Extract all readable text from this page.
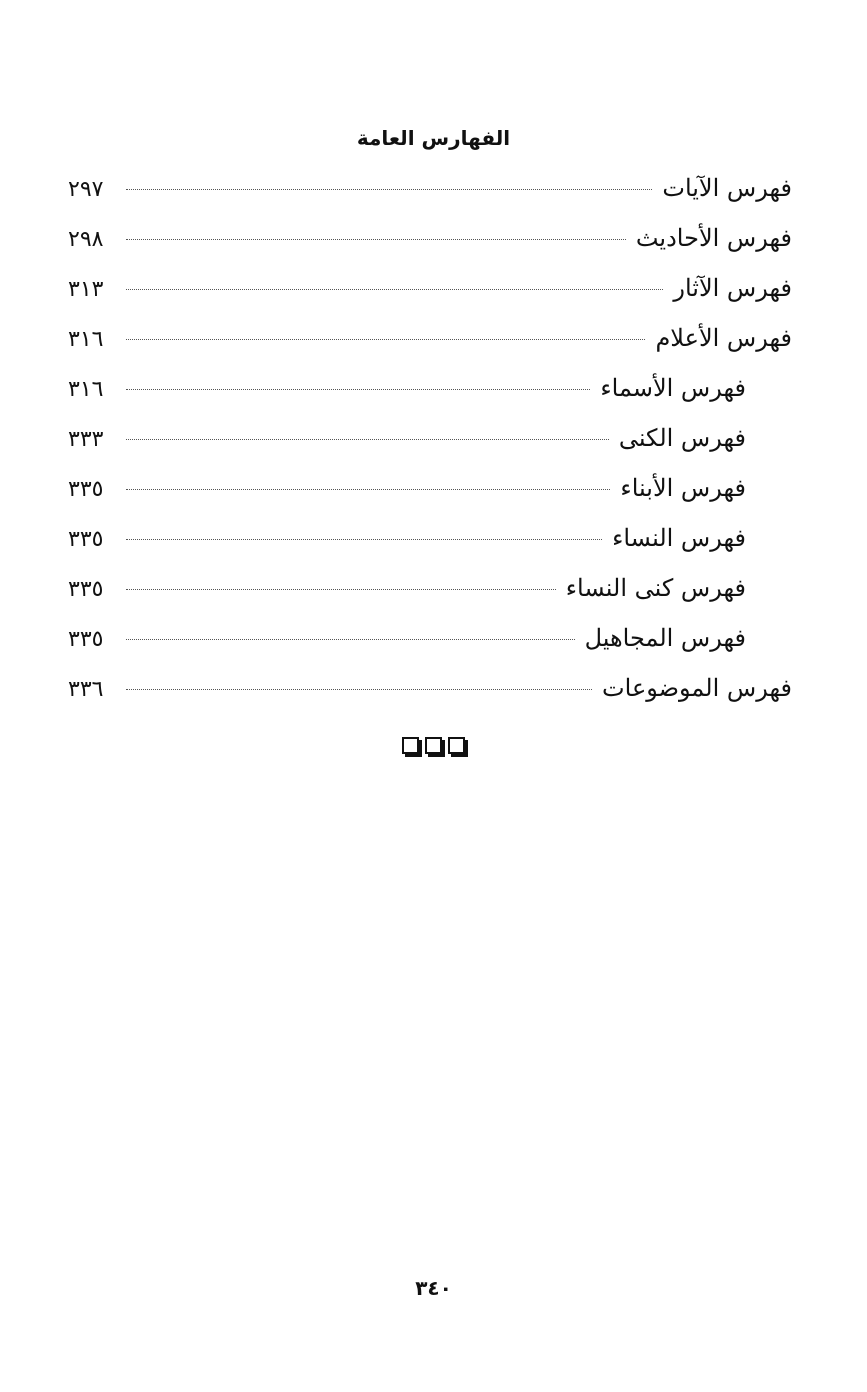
الفهارس العامة
فهرس الآيات
٢٩٧
فهرس الأحاديث
٢٩٨
فهرس الآثار
٣١٣
فهرس الأعلام
٣١٦
فهرس الأسماء
٣١٦
فهرس الكنى
٣٣٣
فهرس الأبناء
٣٣٥
فهرس النساء
٣٣٥
فهرس كنى النساء
٣٣٥
فهرس المجاهيل
٣٣٥
فهرس الموضوعات
٣٣٦
٣٤٠
